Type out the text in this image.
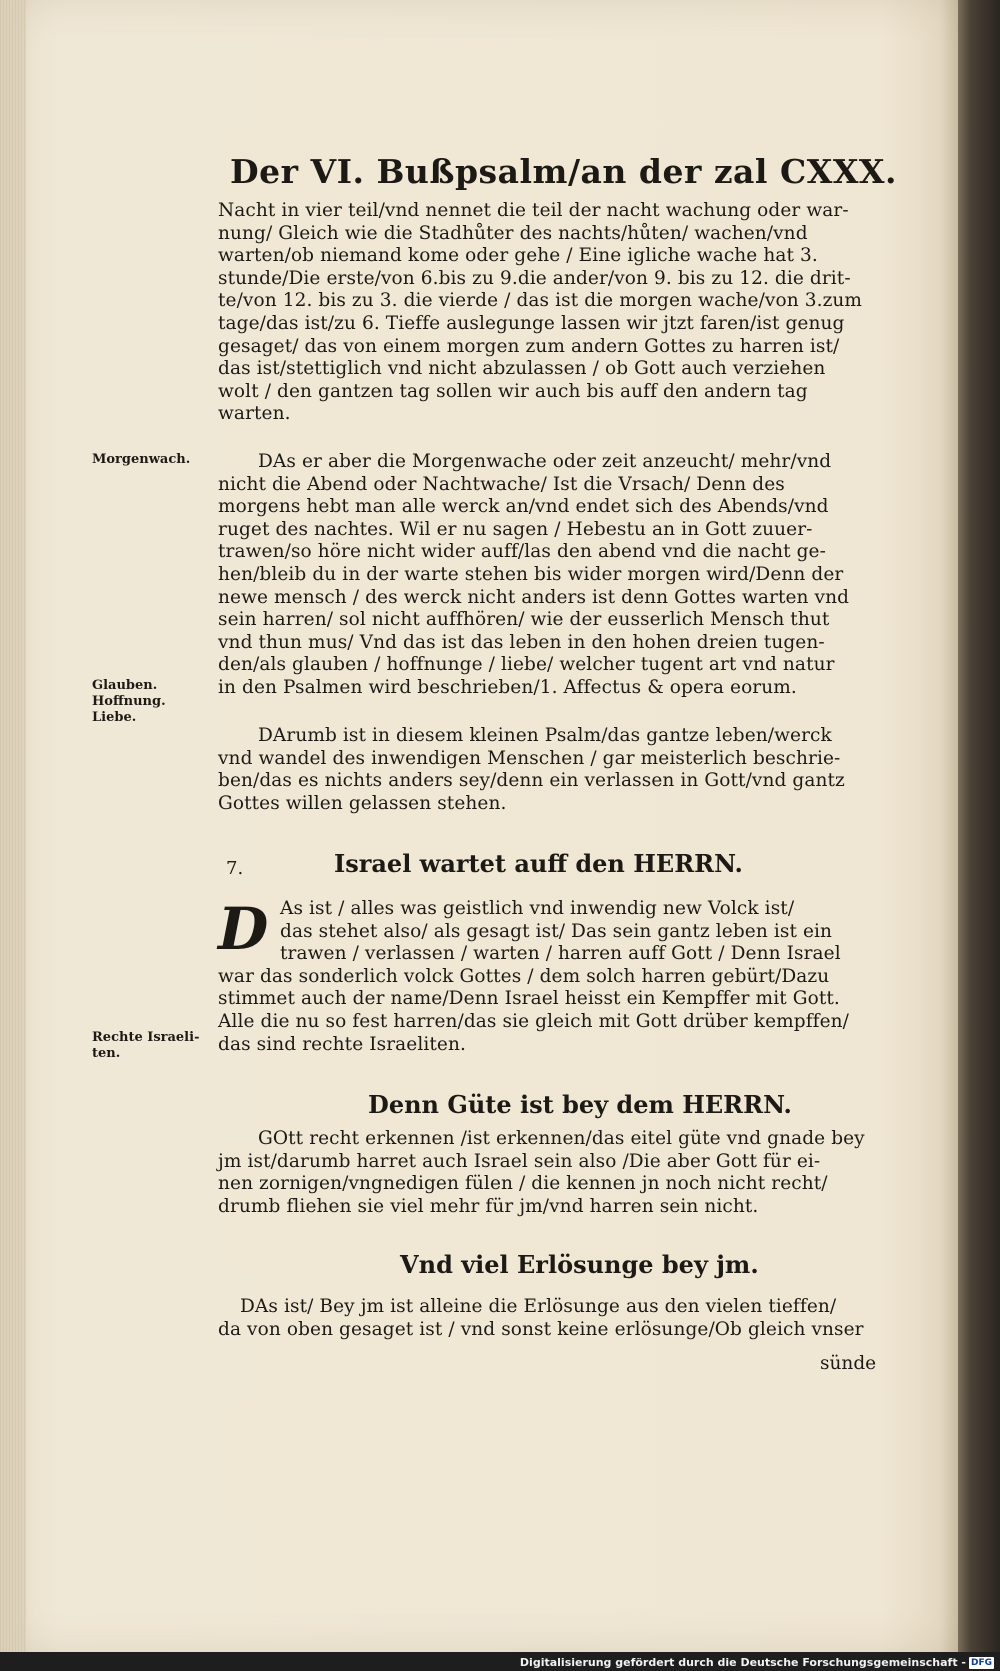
Der VI. Bußpsalm/an der zal CXXX.
Nacht in vier teil/vnd nennet die teil der nacht wachung oder war-
nung/ Gleich wie die Stadhůter des nachts/hůten/ wachen/vnd
warten/ob niemand kome oder gehe / Eine igliche wache hat 3.
stunde/Die erste/von 6.bis zu 9.die ander/von 9. bis zu 12. die drit-
te/von 12. bis zu 3. die vierde / das ist die morgen wache/von 3.zum
tage/das ist/zu 6. Tieffe auslegunge lassen wir jtzt faren/ist genug
gesaget/ das von einem morgen zum andern Gottes zu harren ist/
das ist/stettiglich vnd nicht abzulassen / ob Gott auch verziehen
wolt / den gantzen tag sollen wir auch bis auff den andern tag
warten.
Morgenwach.	DAs er aber die Morgenwache oder zeit anzeucht/ mehr/vnd
nicht die Abend oder Nachtwache/ Ist die Vrsach/ Denn des
morgens hebt man alle werck an/vnd endet sich des Abends/vnd
ruget des nachtes. Wil er nu sagen / Hebestu an in Gott zuuer-
trawen/so höre nicht wider auff/las den abend vnd die nacht ge-
hen/bleib du in der warte stehen bis wider morgen wird/Denn der
newe mensch / des werck nicht anders ist denn Gottes warten vnd
sein harren/ sol nicht auffhören/ wie der eusserlich Mensch thut
vnd thun mus/ Vnd das ist das leben in den hohen dreien tugen-
den/als glauben / hoffnunge / liebe/ welcher tugent art vnd natur
in den Psalmen wird beschrieben/1. Affectus & opera eorum.
Glauben.
Hoffnung.
Liebe.
DArumb ist in diesem kleinen Psalm/das gantze leben/werck
vnd wandel des inwendigen Menschen / gar meisterlich beschrie-
ben/das es nichts anders sey/denn ein verlassen in Gott/vnd gantz
Gottes willen gelassen stehen.
7.	Israel wartet auff den HERRN.
D As ist / alles was geistlich vnd inwendig new Volck ist/
das stehet also/ als gesagt ist/ Das sein gantz leben ist ein
trawen / verlassen / warten / harren auff Gott / Denn Israel
war das sonderlich volck Gottes / dem solch harren gebürt/Dazu
stimmet auch der name/Denn Israel heisst ein Kempffer mit Gott.
Alle die nu so fest harren/das sie gleich mit Gott drüber kempffen/
das sind rechte Israeliten.
Rechte Israeli-
ten.
Denn Güte ist bey dem HERRN.
GOtt recht erkennen /ist erkennen/das eitel güte vnd gnade bey
jm ist/darumb harret auch Israel sein also /Die aber Gott für ei-
nen zornigen/vngnedigen fülen / die kennen jn noch nicht recht/
drumb fliehen sie viel mehr für jm/vnd harren sein nicht.
Vnd viel Erlösunge bey jm.
DAs ist/ Bey jm ist alleine die Erlösunge aus den vielen tieffen/
da von oben gesaget ist / vnd sonst keine erlösunge/Ob gleich vnser
sünde
Digitalisierung gefördert durch die Deutsche Forschungsgemeinschaft - DFG
